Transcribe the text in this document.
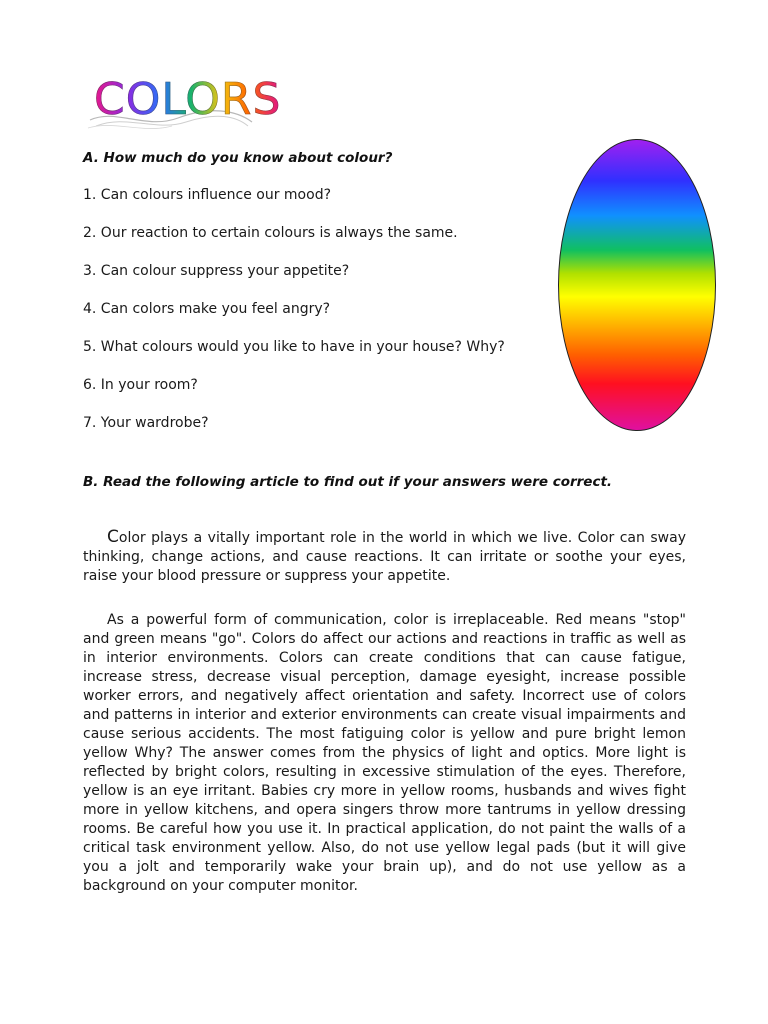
COLORS
A. How much do you know about colour?
1. Can colours influence our mood?
2. Our reaction to certain colours is always the same.
3. Can colour suppress your appetite?
4. Can colors make you feel angry?
5. What colours would you like to have in your house? Why?
6. In your room?
7. Your wardrobe?
B. Read the following article to find out if your answers were correct.

Color plays a vitally important role in the world in which we live. Color can sway thinking, change actions, and cause reactions. It can irritate or soothe your eyes, raise your blood pressure or suppress your appetite.

As a powerful form of communication, color is irreplaceable. Red means "stop" and green means "go". Colors do affect our actions and reactions in traffic as well as in interior environments. Colors can create conditions that can cause fatigue, increase stress, decrease visual perception, damage eyesight, increase possible worker errors, and negatively affect orientation and safety. Incorrect use of colors and patterns in interior and exterior environments can create visual impairments and cause serious accidents. The most fatiguing color is yellow and pure bright lemon yellow Why? The answer comes from the physics of light and optics. More light is reflected by bright colors, resulting in excessive stimulation of the eyes. Therefore, yellow is an eye irritant. Babies cry more in yellow rooms, husbands and wives fight more in yellow kitchens, and opera singers throw more tantrums in yellow dressing rooms. Be careful how you use it. In practical application, do not paint the walls of a critical task environment yellow. Also, do not use yellow legal pads (but it will give you a jolt and temporarily wake your brain up), and do not use yellow as a background on your computer monitor.
